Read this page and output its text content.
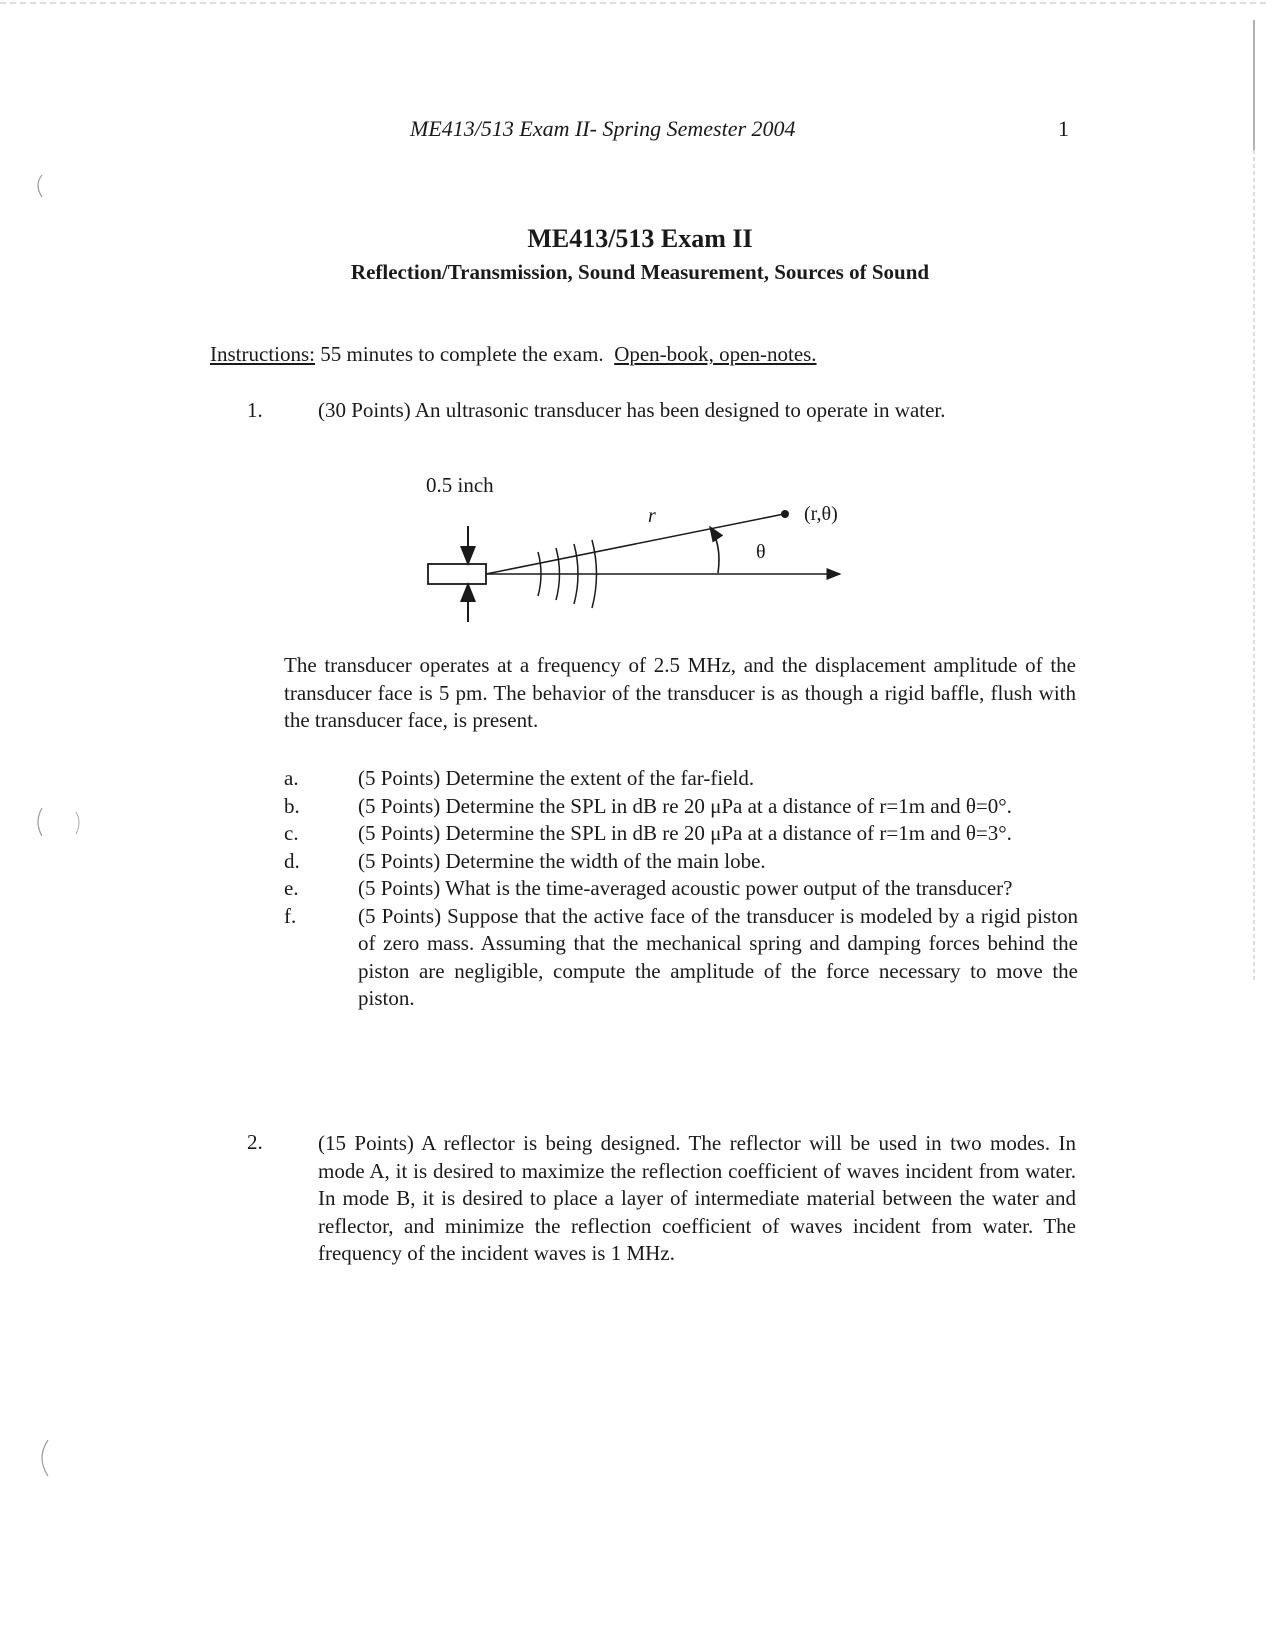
ME413/513 Exam II- Spring Semester 2004	1
ME413/513 Exam II
Reflection/Transmission, Sound Measurement, Sources of Sound
Instructions: 55 minutes to complete the exam. Open-book, open-notes.
1.	(30 Points) An ultrasonic transducer has been designed to operate in water.
0.5 inch
r	(r,θ)
θ
The transducer operates at a frequency of 2.5 MHz, and the displacement amplitude of the transducer face is 5 pm. The behavior of the transducer is as though a rigid baffle, flush with the transducer face, is present.
a.	(5 Points) Determine the extent of the far-field.
b.	(5 Points) Determine the SPL in dB re 20 μPa at a distance of r=1m and θ=0°.
c.	(5 Points) Determine the SPL in dB re 20 μPa at a distance of r=1m and θ=3°.
d.	(5 Points) Determine the width of the main lobe.
e.	(5 Points) What is the time-averaged acoustic power output of the transducer?
f.	(5 Points) Suppose that the active face of the transducer is modeled by a rigid piston of zero mass. Assuming that the mechanical spring and damping forces behind the piston are negligible, compute the amplitude of the force necessary to move the piston.
2.	(15 Points) A reflector is being designed. The reflector will be used in two modes. In mode A, it is desired to maximize the reflection coefficient of waves incident from water. In mode B, it is desired to place a layer of intermediate material between the water and reflector, and minimize the reflection coefficient of waves incident from water. The frequency of the incident waves is 1 MHz.
